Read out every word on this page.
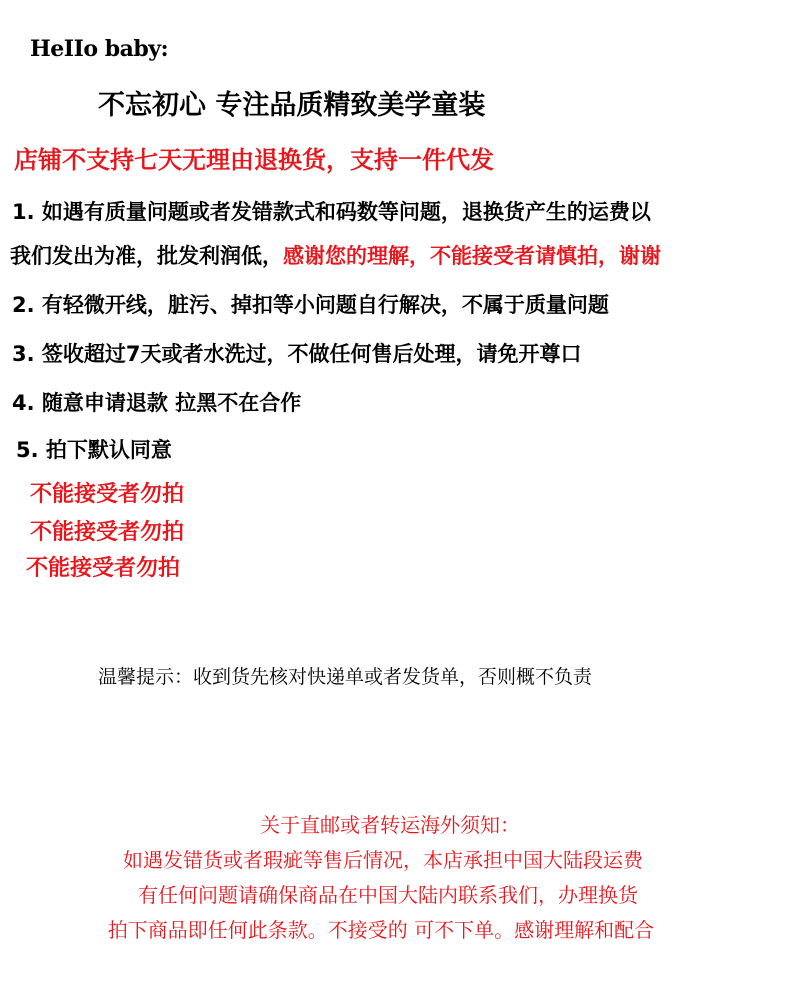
HeIIo baby:
不忘初心 专注品质精致美学童装
店铺不支持七天无理由退换货，支持一件代发
1. 如遇有质量问题或者发错款式和码数等问题，退换货产生的运费以
我们发出为准，批发利润低，感谢您的理解，不能接受者请慎拍，谢谢
2. 有轻微开线，脏污、掉扣等小问题自行解决，不属于质量问题
3. 签收超过7天或者水洗过，不做任何售后处理，请免开尊口
4. 随意申请退款 拉黑不在合作
5. 拍下默认同意
不能接受者勿拍
不能接受者勿拍
不能接受者勿拍
温馨提示：收到货先核对快递单或者发货单，否则概不负责
关于直邮或者转运海外须知：
如遇发错货或者瑕疵等售后情况，本店承担中国大陆段运费
有任何问题请确保商品在中国大陆内联系我们，办理换货
拍下商品即任何此条款。不接受的 可不下单。感谢理解和配合
